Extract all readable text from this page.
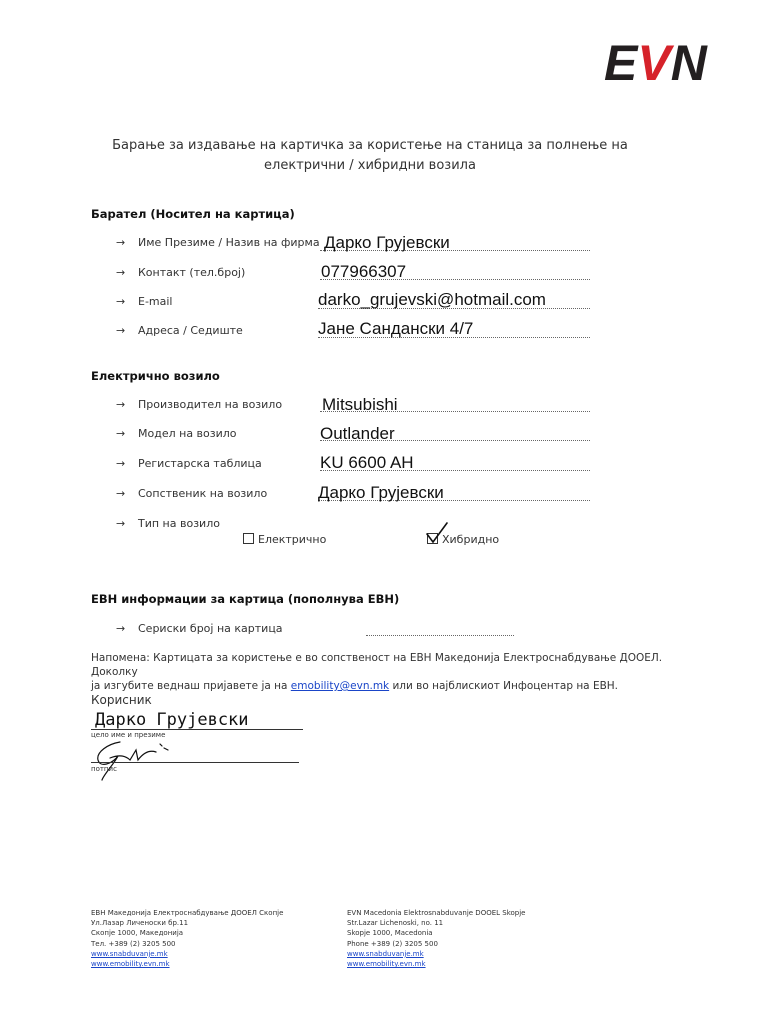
EVN
Барање за издавање на картичка за користење на станица за полнење на
електрични / хибридни возила
Барател (Носител на картица)
→ Име Презиме / Назив на фирма Дарко Грујевски
→ Контакт (тел.број)	077966307
→ E-mail	darko_grujevski@hotmail.com
→ Адреса / Седиште	Јане Сандански 4/7
Електрично возило
→ Производител на возило Mitsubishi
→ Модел на возило	Outlander
→ Регистарска таблица	KU 6600 AH
→ Сопственик на возило	Дарко Грујевски
→ Тип на возило
Електрично	Хибридно
ЕВН информации за картица (пополнува ЕВН)
→ Сериски број на картица
Напомена: Картицата за користење е во сопственост на ЕВН Македонија Електроснабдување ДООЕЛ. Доколку
ја изгубите веднаш пријавете ја на emobility@evn.mk или во најблискиот Инфоцентар на ЕВН.
Корисник
Дарко Грујевски
цело име и презиме
потпис
ЕВН Македонија Електроснабдување ДООЕЛ Скопје
Ул.Лазар Личеноски бр.11
Скопје 1000, Македонија
Тел. +389 (2) 3205 500
www.snabduvanje.mk
www.emobility.evn.mk
EVN Macedonia Elektrosnabduvanje DOOEL Skopje
Str.Lazar Lichenoski, no. 11
Skopje 1000, Macedonia
Phone +389 (2) 3205 500
www.snabduvanje.mk
www.emobility.evn.mk
